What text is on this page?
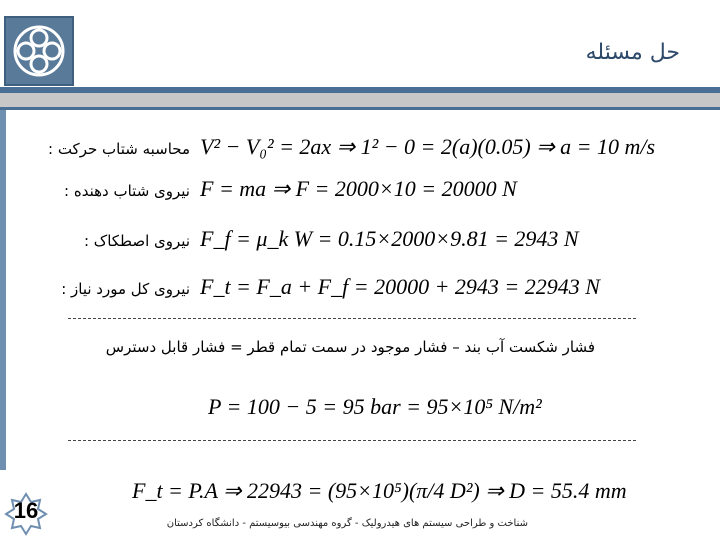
حل مسئله
محاسبه شتاب حرکت : V² − V₀² = 2ax ⇒ 1² − 0 = 2(a)(0.05) ⇒ a = 10 m/s
نیروی شتاب دهنده : F = ma ⇒ F = 2000×10 = 20000 N
نیروی اصطکاک : F_f = μ_k W = 0.15×2000×9.81 = 2943 N
نیروی کل مورد نیاز : F_t = F_a + F_f = 20000 + 2943 = 22943 N
فشار شکست آب بند – فشار موجود در سمت تمام قطر = فشار قابل دسترس
P = 100 − 5 = 95 bar = 95×10⁵ N/m²
F_t = P.A ⇒ 22943 = (95×10⁵)(π/4 D²) ⇒ D = 55.4 mm
16
شناخت و طراحی سیستم های هیدرولیک - گروه مهندسی بیوسیستم - دانشگاه کردستان
